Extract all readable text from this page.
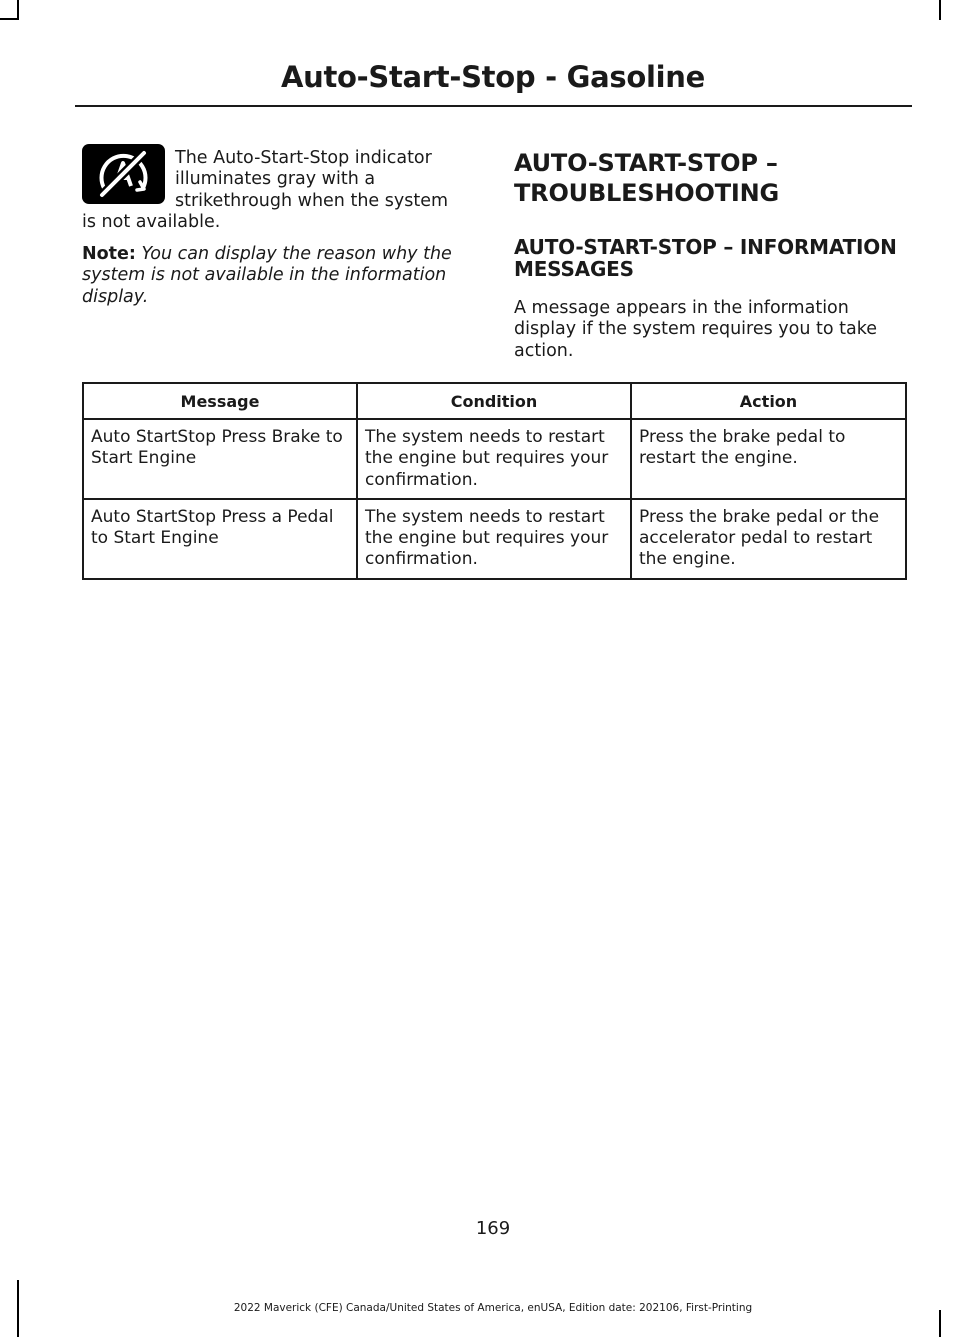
Auto-Start-Stop - Gasoline
The Auto-Start-Stop indicator
illuminates gray with a
strikethrough when the system
is not available.
Note: You can display the reason why the system is not available in the information display.
AUTO-START-STOP –
TROUBLESHOOTING
AUTO-START-STOP – INFORMATION MESSAGES
A message appears in the information display if the system requires you to take action.
Message	Condition	Action
Auto StartStop Press Brake to Start Engine	The system needs to restart the engine but requires your confirmation.	Press the brake pedal to restart the engine.
Auto StartStop Press a Pedal to Start Engine	The system needs to restart the engine but requires your confirmation.	Press the brake pedal or the accelerator pedal to restart the engine.
169
2022 Maverick (CFE) Canada/United States of America, enUSA, Edition date: 202106, First-Printing
